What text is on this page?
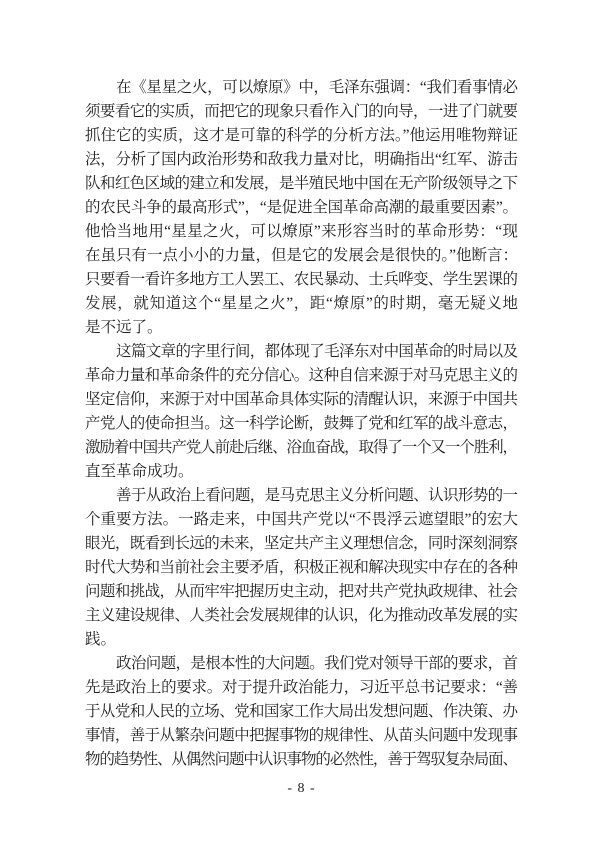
在《星星之火，可以燎原》中，毛泽东强调：“我们看事情必
须要看它的实质，而把它的现象只看作入门的向导，一进了门就要
抓住它的实质，这才是可靠的科学的分析方法。”他运用唯物辩证
法，分析了国内政治形势和敌我力量对比，明确指出“红军、游击
队和红色区域的建立和发展，是半殖民地中国在无产阶级领导之下
的农民斗争的最高形式”，“是促进全国革命高潮的最重要因素”。
他恰当地用“星星之火，可以燎原”来形容当时的革命形势：“现
在虽只有一点小小的力量，但是它的发展会是很快的。”他断言：
只要看一看许多地方工人罢工、农民暴动、士兵哗变、学生罢课的
发展，就知道这个“星星之火”，距“燎原”的时期，毫无疑义地
是不远了。
这篇文章的字里行间，都体现了毛泽东对中国革命的时局以及
革命力量和革命条件的充分信心。这种自信来源于对马克思主义的
坚定信仰，来源于对中国革命具体实际的清醒认识，来源于中国共
产党人的使命担当。这一科学论断，鼓舞了党和红军的战斗意志，
激励着中国共产党人前赴后继、浴血奋战，取得了一个又一个胜利，
直至革命成功。
善于从政治上看问题，是马克思主义分析问题、认识形势的一
个重要方法。一路走来，中国共产党以“不畏浮云遮望眼”的宏大
眼光，既看到长远的未来，坚定共产主义理想信念，同时深刻洞察
时代大势和当前社会主要矛盾，积极正视和解决现实中存在的各种
问题和挑战，从而牢牢把握历史主动，把对共产党执政规律、社会
主义建设规律、人类社会发展规律的认识，化为推动改革发展的实
践。
政治问题，是根本性的大问题。我们党对领导干部的要求，首
先是政治上的要求。对于提升政治能力，习近平总书记要求：“善
于从党和人民的立场、党和国家工作大局出发想问题、作决策、办
事情，善于从繁杂问题中把握事物的规律性、从苗头问题中发现事
物的趋势性、从偶然问题中认识事物的必然性，善于驾驭复杂局面、
- 8 -
